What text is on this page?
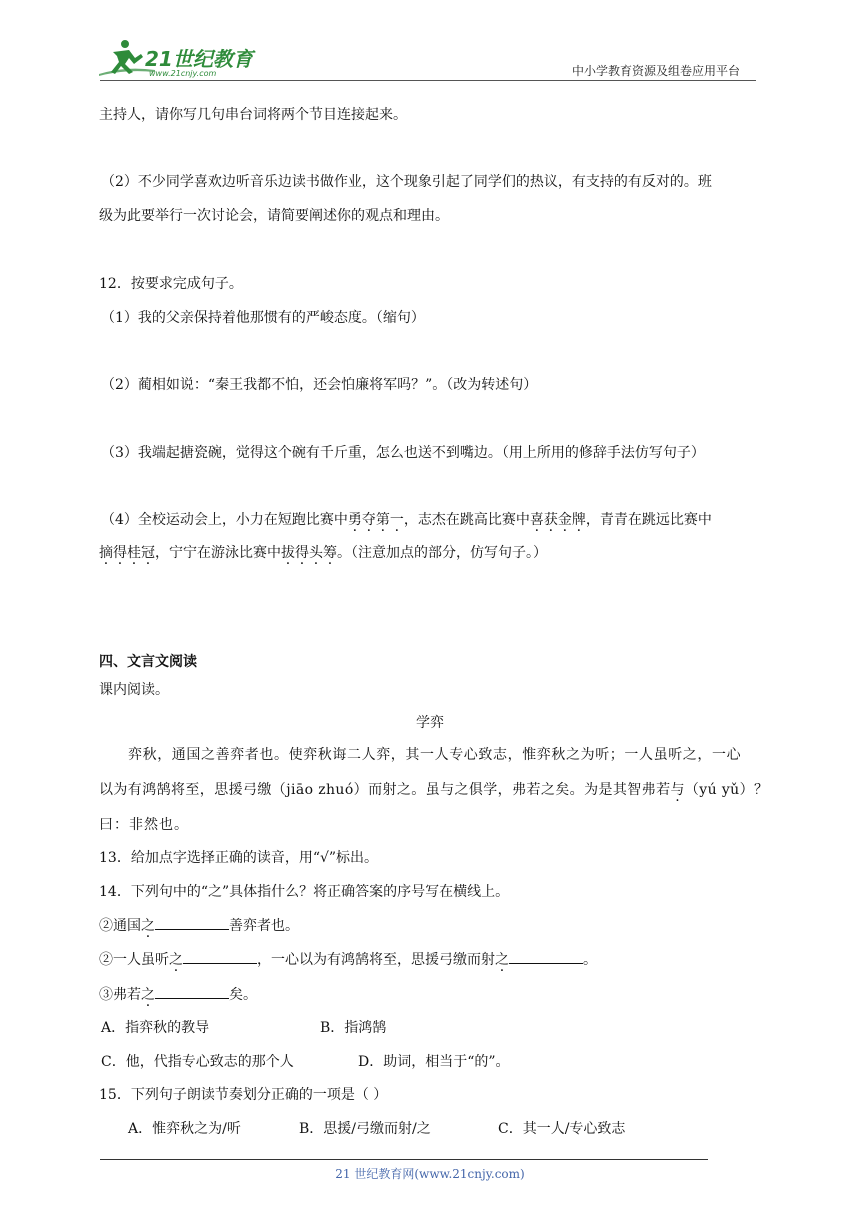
21世纪教育
www.21cnjy.com	中小学教育资源及组卷应用平台
主持人，请你写几句串台词将两个节目连接起来。
（2）不少同学喜欢边听音乐边读书做作业，这个现象引起了同学们的热议，有支持的有反对的。班
级为此要举行一次讨论会，请简要阐述你的观点和理由。
12．按要求完成句子。
（1）我的父亲保持着他那惯有的严峻态度。（缩句）
（2）蔺相如说：“秦王我都不怕，还会怕廉将军吗？”。（改为转述句）
（3）我端起搪瓷碗，觉得这个碗有千斤重，怎么也送不到嘴边。（用上所用的修辞手法仿写句子）
（4）全校运动会上，小力在短跑比赛中勇夺第一，志杰在跳高比赛中喜获金牌，青青在跳远比赛中
摘得桂冠，宁宁在游泳比赛中拔得头筹。（注意加点的部分，仿写句子。）
四、文言文阅读
课内阅读。
学弈
弈秋，通国之善弈者也。使弈秋诲二人弈，其一人专心致志，惟弈秋之为听；一人虽听之，一心
以为有鸿鹄将至，思援弓缴（jiāo zhuó）而射之。虽与之俱学，弗若之矣。为是其智弗若与（yú yǔ）？
曰：非然也。
13．给加点字选择正确的读音，用“√”标出。
14．下列句中的“之”具体指什么？将正确答案的序号写在横线上。
②通国之	善弈者也。
②一人虽听之	，一心以为有鸿鹄将至，思援弓缴而射之	。
③弗若之	矣。
A．指弈秋的教导	B．指鸿鹄
C．他，代指专心致志的那个人	D．助词，相当于“的”。
15．下列句子朗读节奏划分正确的一项是（ ）
A．惟弈秋之为/听	B．思援/弓缴而射/之	C．其一人/专心致志
21 世纪教育网(www.21cnjy.com)
